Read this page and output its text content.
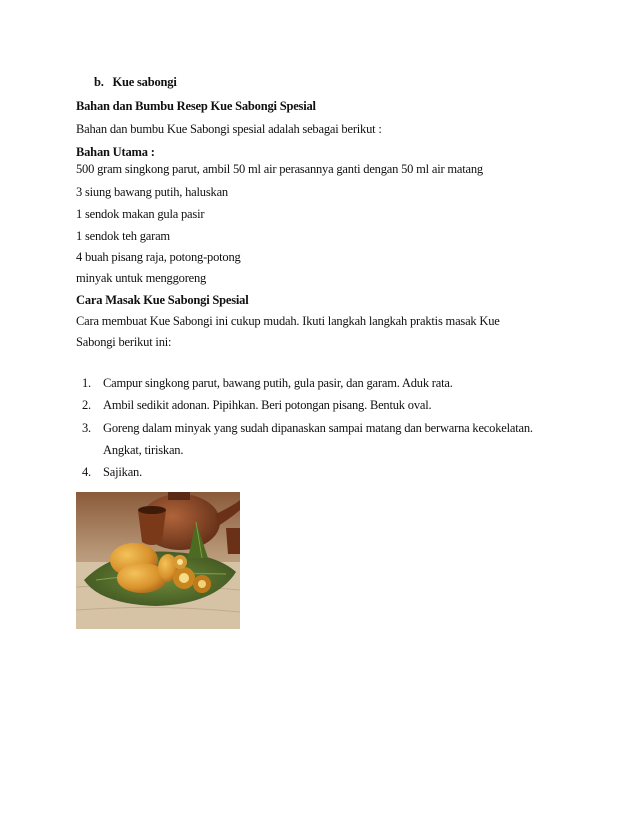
b.   Kue sabongi
Bahan dan Bumbu Resep Kue Sabongi Spesial
Bahan dan bumbu Kue Sabongi spesial adalah sebagai berikut :
Bahan Utama :
500 gram singkong parut, ambil 50 ml air perasannya ganti dengan 50 ml air matang
3 siung bawang putih, haluskan
1 sendok makan gula pasir
1 sendok teh garam
4 buah pisang raja, potong-potong
minyak untuk menggoreng
Cara Masak Kue Sabongi Spesial
Cara membuat Kue Sabongi ini cukup mudah. Ikuti langkah langkah praktis masak Kue
Sabongi berikut ini:
1. Campur singkong parut, bawang putih, gula pasir, dan garam. Aduk rata.
2. Ambil sedikit adonan. Pipihkan. Beri potongan pisang. Bentuk oval.
3. Goreng dalam minyak yang sudah dipanaskan sampai matang dan berwarna kecokelatan.
Angkat, tiriskan.
4. Sajikan.
